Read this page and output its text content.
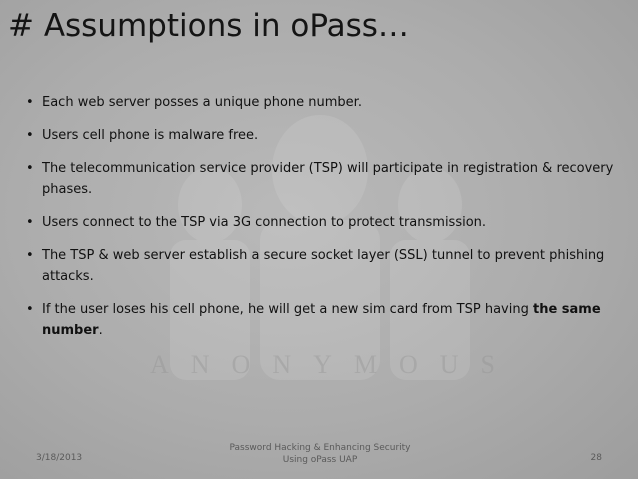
ANONYMOUS
# Assumptions in oPass…
• Each web server posses a unique phone number.
• Users cell phone is malware free.
• The telecommunication service provider (TSP) will participate in registration & recovery phases.
• Users connect to the TSP via 3G connection to protect transmission.
• The TSP & web server establish a secure socket layer (SSL) tunnel to prevent phishing attacks.
• If the user loses his cell phone, he will get a new sim card from TSP having the same number.
3/18/2013
Password Hacking & Enhancing Security
Using oPass UAP	28
